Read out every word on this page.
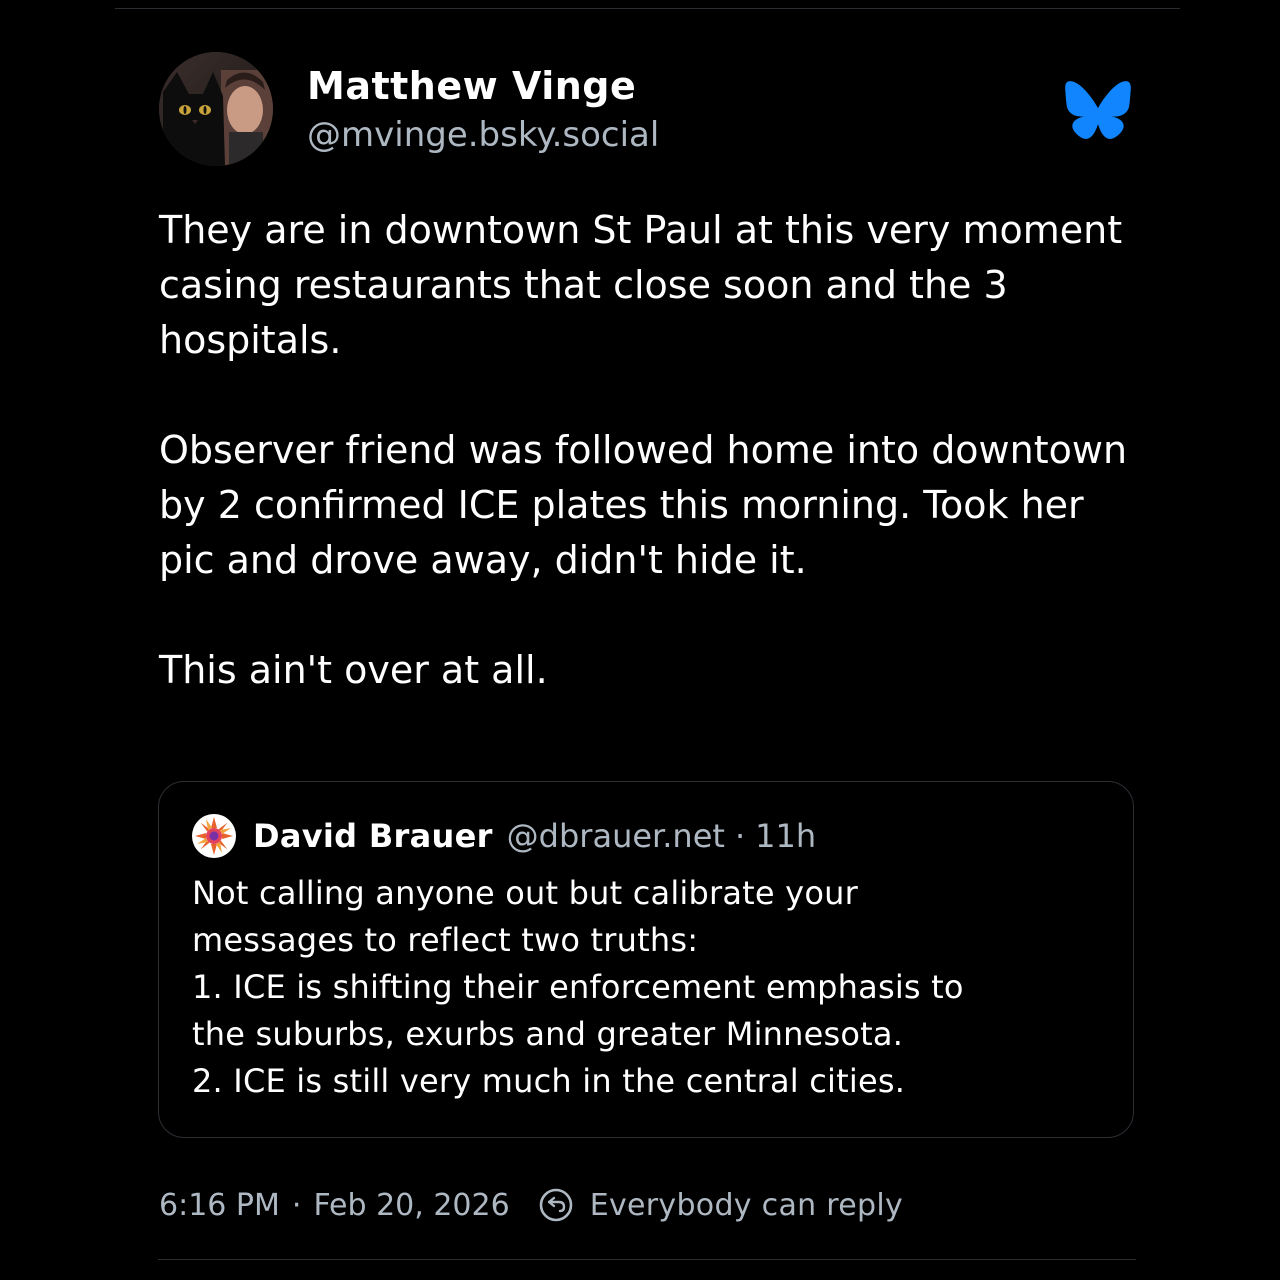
Matthew Vinge
@mvinge.bsky.social

They are in downtown St Paul at this very moment casing restaurants that close soon and the 3 hospitals.

Observer friend was followed home into downtown by 2 confirmed ICE plates this morning. Took her pic and drove away, didn't hide it.

This ain't over at all.

David Brauer @dbrauer.net · 11h
Not calling anyone out but calibrate your
messages to reflect two truths:
1. ICE is shifting their enforcement emphasis to
the suburbs, exurbs and greater Minnesota.
2. ICE is still very much in the central cities.
6:16 PM · Feb 20, 2026	Everybody can reply
